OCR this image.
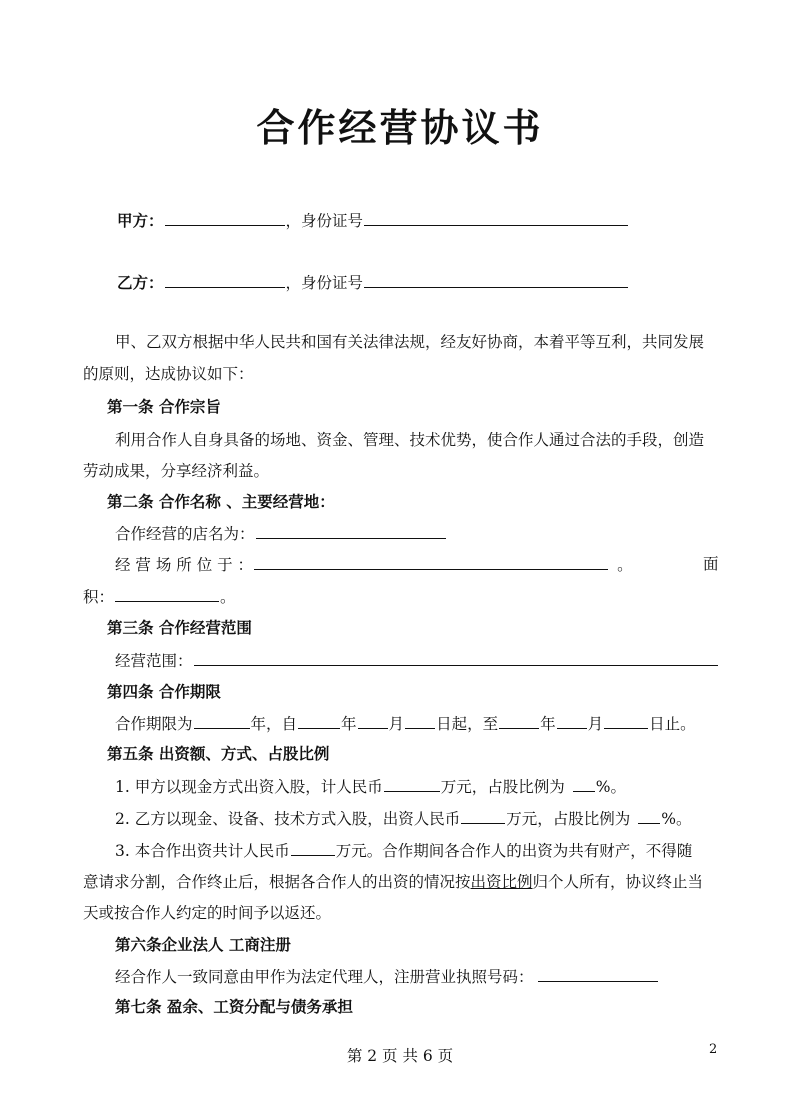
合作经营协议书
甲方：	，身份证号
乙方：	，身份证号
甲、乙双方根据中华人民共和国有关法律法规，经友好协商，本着平等互利，共同发展
的原则，达成协议如下：
第一条 合作宗旨
利用合作人自身具备的场地、资金、管理、技术优势，使合作人通过合法的手段，创造
劳动成果，分享经济利益。
第二条 合作名称 、主要经营地：
合作经营的店名为：
经 营 场 所 位 于 ：	。	面
积：	。
第三条 合作经营范围
经营范围：
第四条 合作期限
合作期限为	年，自	年 月 日起，至	年 月	日止。
第五条 出资额、方式、占股比例
1. 甲方以现金方式出资入股，计人民币	万元，占股比例为 %。
2. 乙方以现金、设备、技术方式入股，出资人民币	万元，占股比例为 %。
3. 本合作出资共计人民币	万元。合作期间各合作人的出资为共有财产，不得随
意请求分割，合作终止后，根据各合作人的出资的情况按出资比例归个人所有，协议终止当
天或按合作人约定的时间予以返还。
第六条企业法人 工商注册
经合作人一致同意由甲作为法定代理人，注册营业执照号码：
第七条 盈余、工资分配与债务承担
第 2 页 共 6 页	2
